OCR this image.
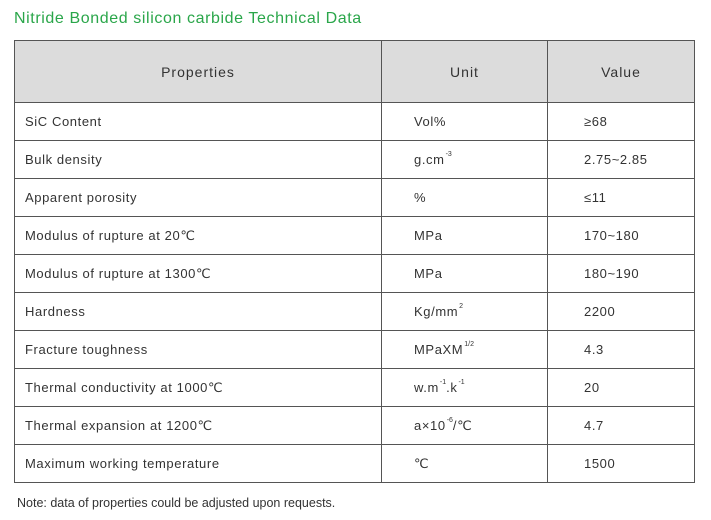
Nitride Bonded silicon carbide Technical Data
Properties	Unit	Value
SiC Content	Vol%	≥68
Bulk density	$g.cm^{-3}$	2.75~2.85
Apparent porosity	%	≤11
Modulus of rupture at 20℃	MPa	170~180
Modulus of rupture at 1300℃	MPa	180~190
Hardness	$Kg/mm^2$	2200
Fracture toughness	MPaXM$^{1/2}$	4.3
Thermal conductivity at 1000℃	$w.m^{-1}.k^{-1}$	20
Thermal expansion at 1200℃	$a\times 10^{-6}/℃$	4.7
Maximum working temperature	℃	1500
Note: data of properties could be adjusted upon requests.
